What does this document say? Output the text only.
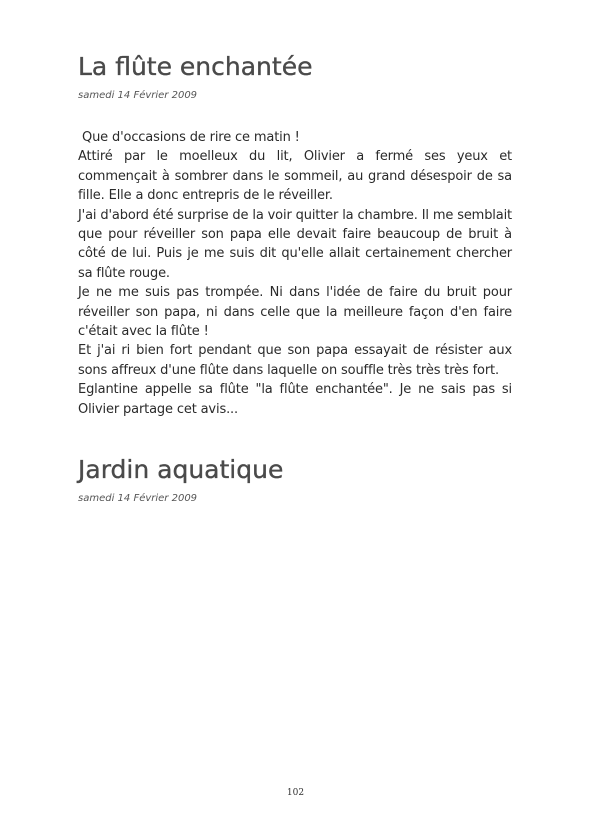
La flûte enchantée

samedi 14 Février 2009

Que d'occasions de rire ce matin !

Attiré par le moelleux du lit, Olivier a fermé ses yeux et commençait à sombrer dans le sommeil, au grand désespoir de sa fille. Elle a donc entrepris de le réveiller.

J'ai d'abord été surprise de la voir quitter la chambre. Il me semblait que pour réveiller son papa elle devait faire beaucoup de bruit à côté de lui. Puis je me suis dit qu'elle allait certainement chercher sa flûte rouge.

Je ne me suis pas trompée. Ni dans l'idée de faire du bruit pour réveiller son papa, ni dans celle que la meilleure façon d'en faire c'était avec la flûte !

Et j'ai ri bien fort pendant que son papa essayait de résister aux sons affreux d'une flûte dans laquelle on souffle très très très fort.

Eglantine appelle sa flûte "la flûte enchantée". Je ne sais pas si Olivier partage cet avis...

Jardin aquatique

samedi 14 Février 2009

102
